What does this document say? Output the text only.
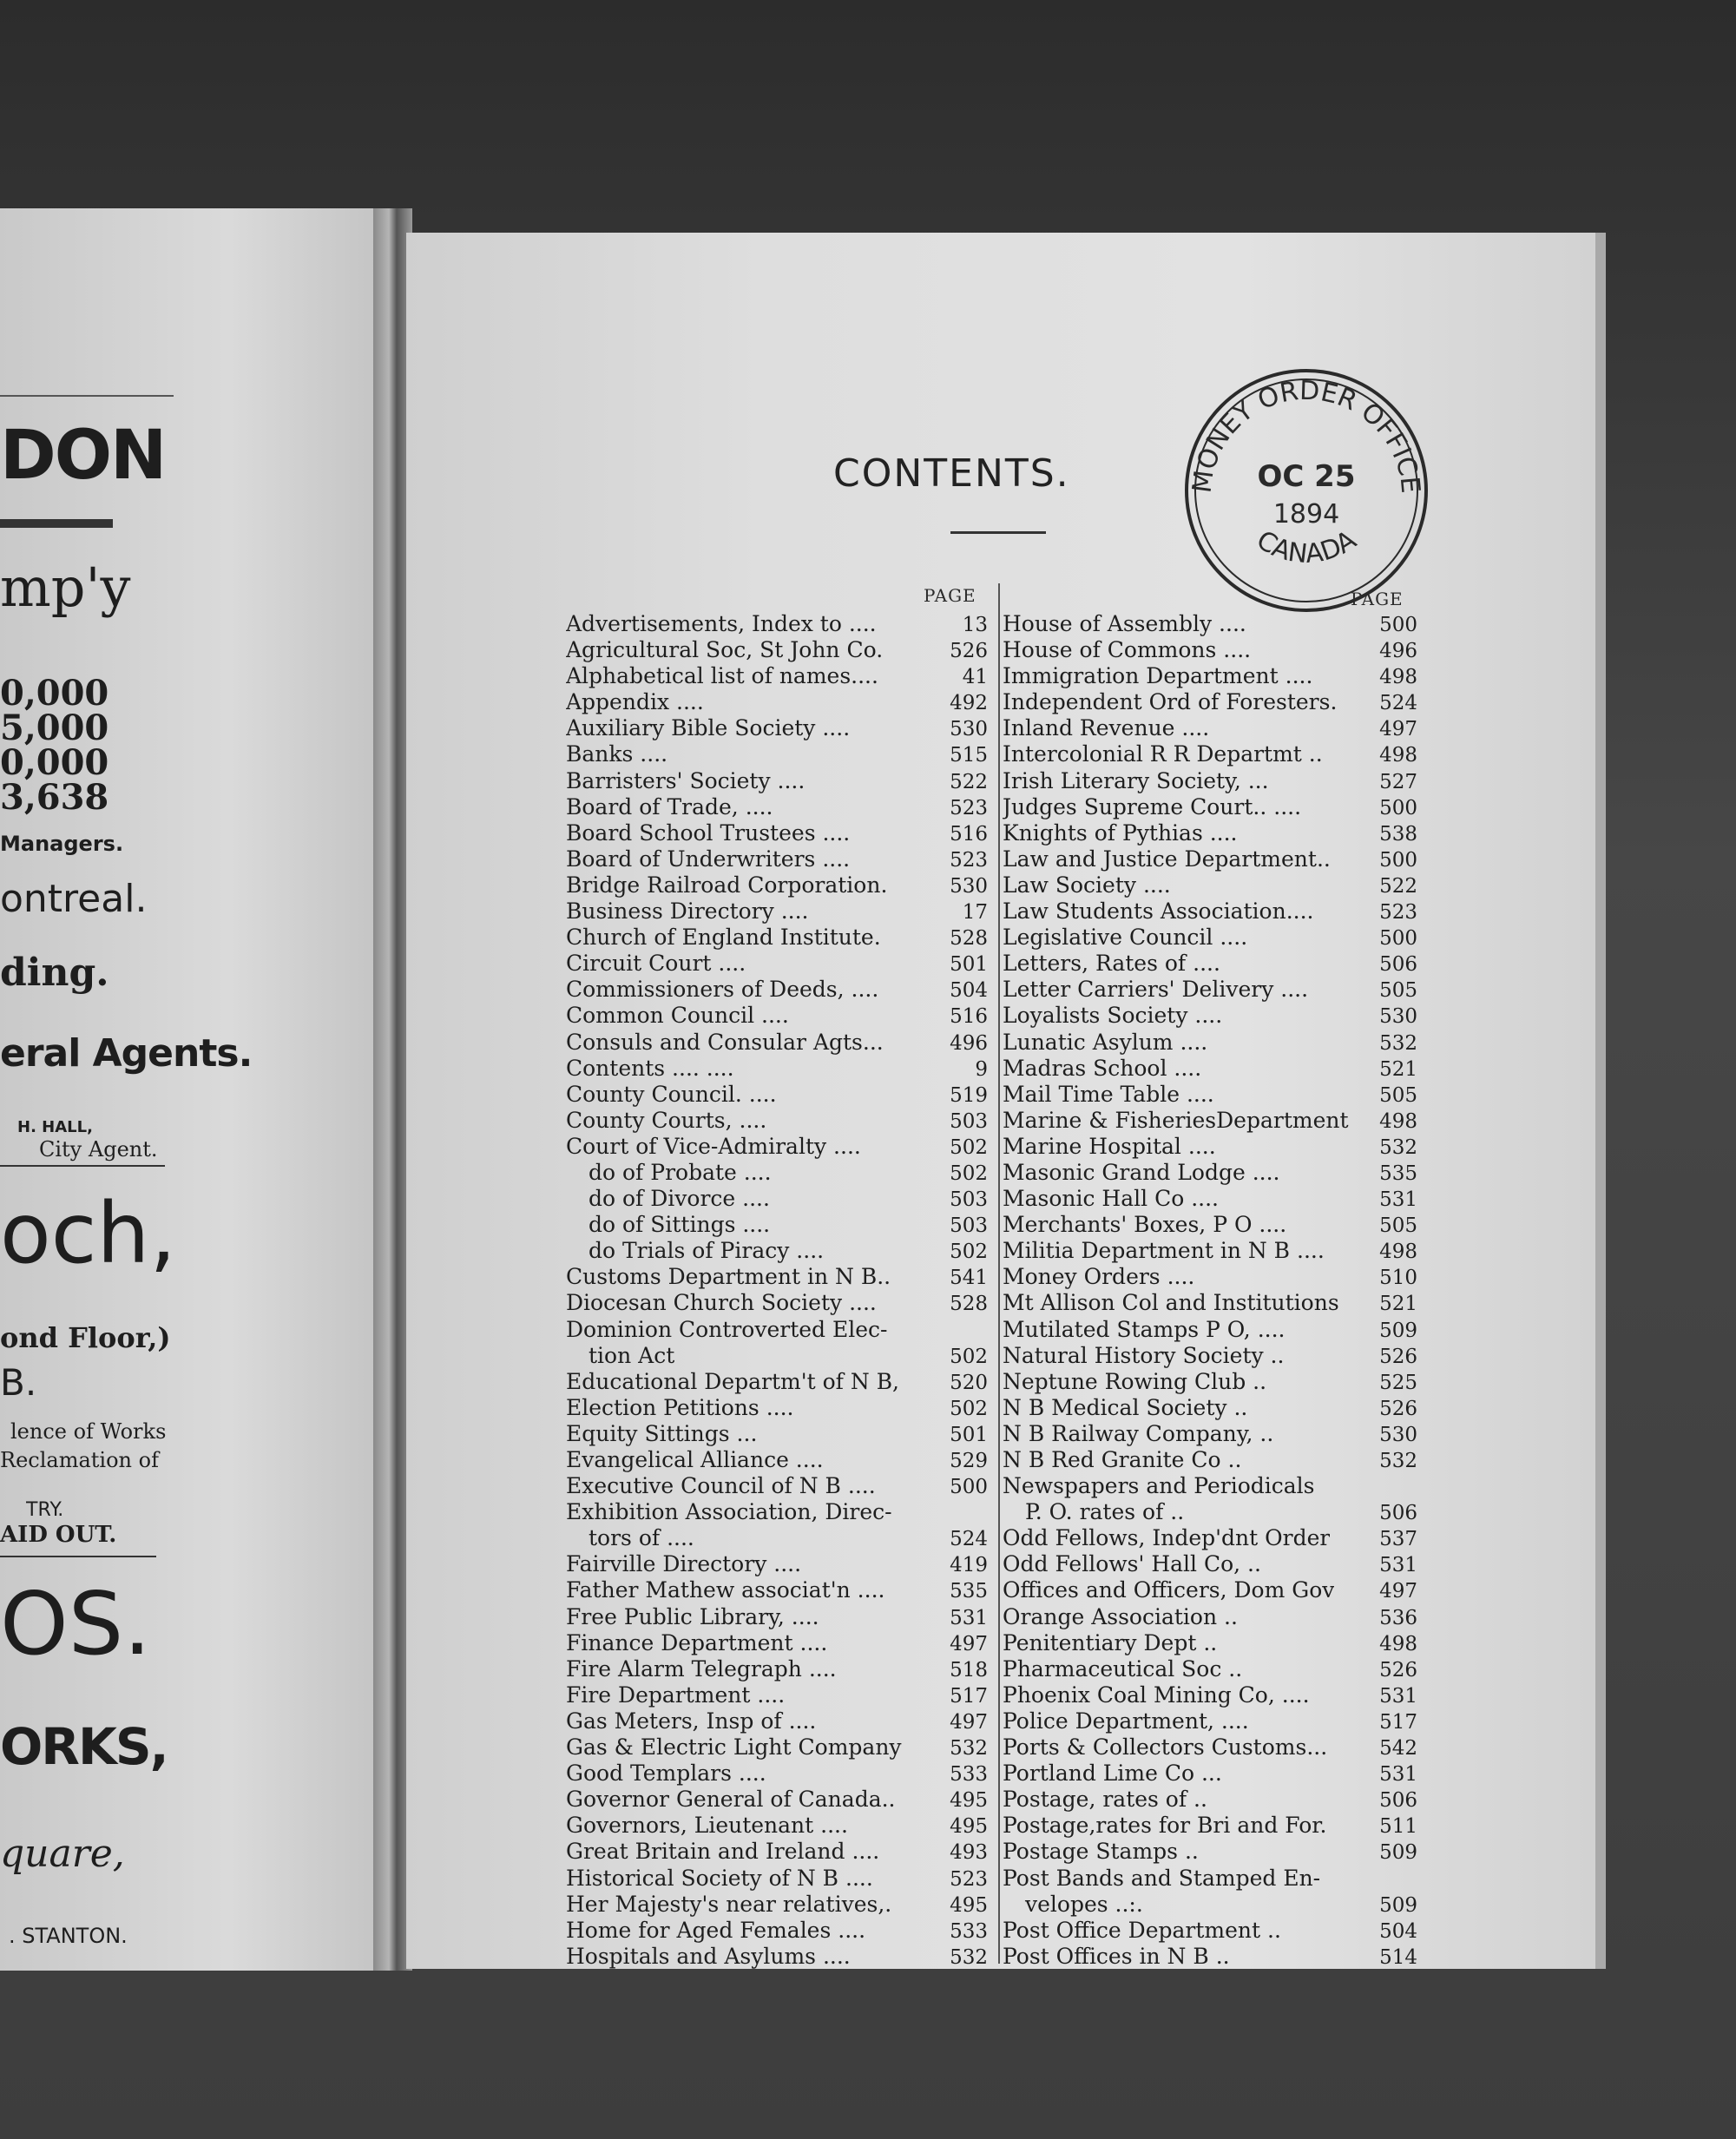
DON
mp'y
0,000
5,000
0,000
3,638
Managers.
ontreal.
ding.
eral Agents.
H. HALL,
City Agent.
och,
ond Floor,)
B.
lence of Works
Reclamation of
TRY.
AID OUT.
OS.
ORKS,
quare,
. STANTON.
CONTENTS.
PAGE	PAGE
Advertisements, Index to ....	13
Agricultural Soc, St John Co.	526
Alphabetical list of names....	41
Appendix ....	492
Auxiliary Bible Society ....	530
Banks ....	515
Barristers' Society ....	522
Board of Trade, ....	523
Board School Trustees ....	516
Board of Underwriters ....	523
Bridge Railroad Corporation.	530
Business Directory ....	17
Church of England Institute.	528
Circuit Court ....	501
Commissioners of Deeds, ....	504
Common Council ....	516
Consuls and Consular Agts...	496
Contents .... ....	9
County Council. ....	519
County Courts, ....	503
Court of Vice-Admiralty ....	502
do of Probate ....	502
do of Divorce ....	503
do of Sittings ....	503
do Trials of Piracy ....	502
Customs Department in N B..	541
Diocesan Church Society ....	528
Dominion Controverted Elec-
tion Act	502
Educational Departm't of N B,	520
Election Petitions ....	502
Equity Sittings ...	501
Evangelical Alliance ....	529
Executive Council of N B ....	500
Exhibition Association, Direc-
tors of ....	524
Fairville Directory ....	419
Father Mathew associat'n ....	535
Free Public Library, ....	531
Finance Department ....	497
Fire Alarm Telegraph ....	518
Fire Department ....	517
Gas Meters, Insp of ....	497
Gas & Electric Light Company 532
Good Templars ....	533
Governor General of Canada..	495
Governors, Lieutenant ....	495
Great Britain and Ireland ....	493
Historical Society of N B ....	523
Her Majesty's near relatives,.	495
Home for Aged Females ....	533
Hospitals and Asylums ....	532
House of Assembly ....	500
House of Commons ....	496
Immigration Department ....	498
Independent Ord of Foresters. 524
Inland Revenue ....	497
Intercolonial R R Departmt ..	498
Irish Literary Society, ...	527
Judges Supreme Court.. ....	500
Knights of Pythias ....	538
Law and Justice Department.. 500
Law Society ....	522
Law Students Association....	523
Legislative Council ....	500
Letters, Rates of ....	506
Letter Carriers' Delivery ....	505
Loyalists Society ....	530
Lunatic Asylum ....	532
Madras School ....	521
Mail Time Table ....	505
Marine & FisheriesDepartment 498
Marine Hospital ....	532
Masonic Grand Lodge ....	535
Masonic Hall Co ....	531
Merchants' Boxes, P O ....	505
Militia Department in N B ....	498
Money Orders ....	510
Mt Allison Col and Institutions 521
Mutilated Stamps P O, ....	509
Natural History Society ..	526
Neptune Rowing Club ..	525
N B Medical Society ..	526
N B Railway Company, ..	530
N B Red Granite Co ..	532
Newspapers and Periodicals
P. O. rates of ..	506
Odd Fellows, Indep'dnt Order 537
Odd Fellows' Hall Co, ..	531
Offices and Officers, Dom Gov 497
Orange Association ..	536
Penitentiary Dept ..	498
Pharmaceutical Soc ..	526
Phoenix Coal Mining Co, ....	531
Police Department, ....	517
Ports & Collectors Customs...	542
Portland Lime Co ...	531
Postage, rates of ..	506
Postage,rates for Bri and For.	511
Postage Stamps ..	509
Post Bands and Stamped En-
velopes ..:.	509
Post Office Department ..	504
Post Offices in N B ..	514
MONEY ORDER OFFICE
CANADA
OC 25
1894
